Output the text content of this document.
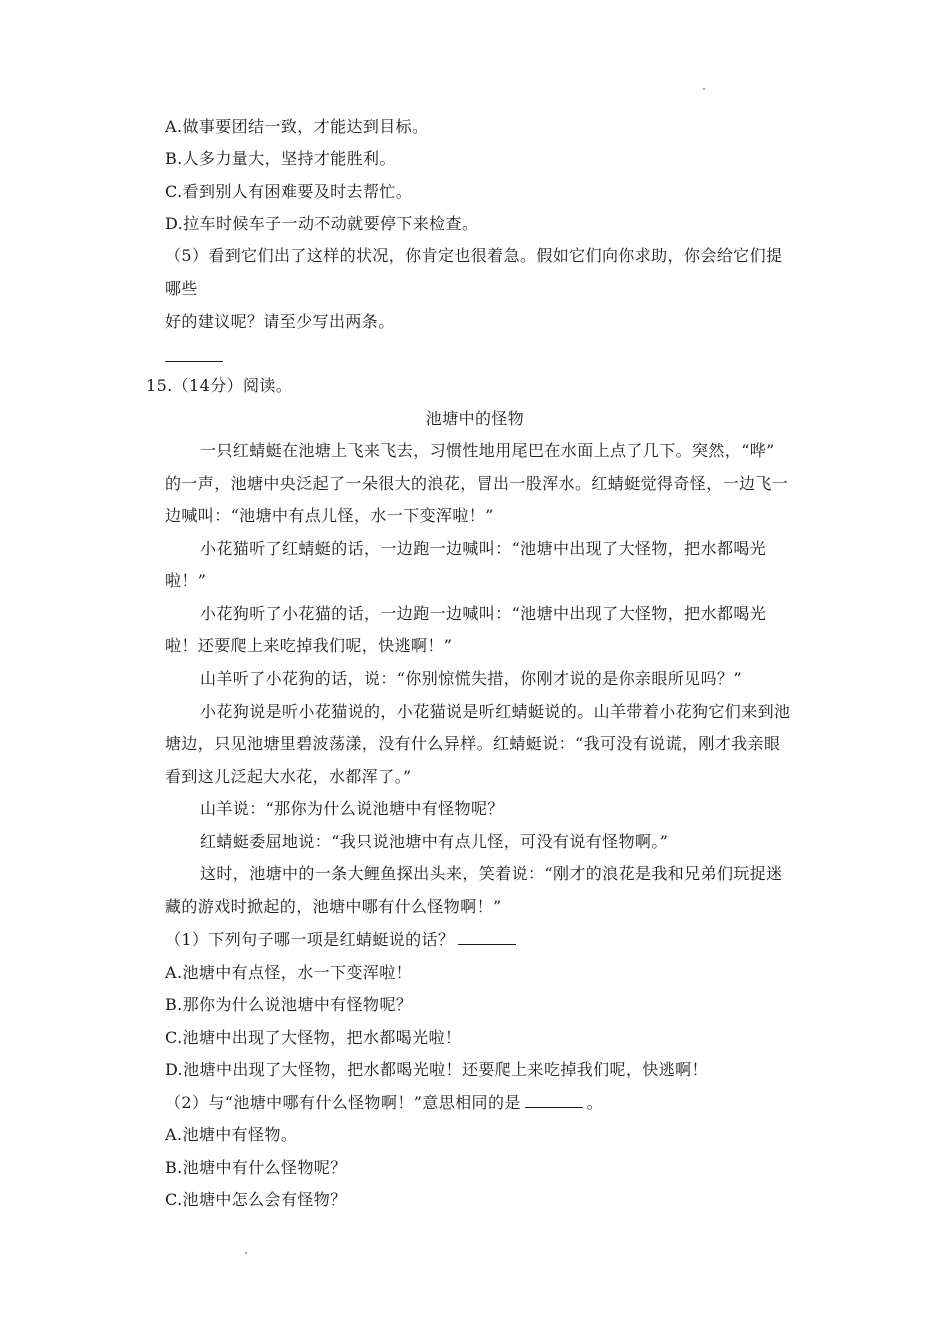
A.做事要团结一致，才能达到目标。
B.人多力量大，坚持才能胜利。
C.看到别人有困难要及时去帮忙。
D.拉车时候车子一动不动就要停下来检查。
（5）看到它们出了这样的状况，你肯定也很着急。假如它们向你求助，你会给它们提
哪些
好的建议呢？请至少写出两条。
15.（14分）阅读。
池塘中的怪物
一只红蜻蜓在池塘上飞来飞去，习惯性地用尾巴在水面上点了几下。突然，“哗”
的一声，池塘中央泛起了一朵很大的浪花，冒出一股浑水。红蜻蜓觉得奇怪，一边飞一
边喊叫：“池塘中有点儿怪，水一下变浑啦！”
小花猫听了红蜻蜓的话，一边跑一边喊叫：“池塘中出现了大怪物，把水都喝光
啦！”
小花狗听了小花猫的话，一边跑一边喊叫：“池塘中出现了大怪物，把水都喝光
啦！还要爬上来吃掉我们呢，快逃啊！”
山羊听了小花狗的话，说：“你别惊慌失措，你刚才说的是你亲眼所见吗？”
小花狗说是听小花猫说的，小花猫说是听红蜻蜓说的。山羊带着小花狗它们来到池
塘边，只见池塘里碧波荡漾，没有什么异样。红蜻蜓说：“我可没有说谎，刚才我亲眼
看到这儿泛起大水花，水都浑了。”
山羊说：“那你为什么说池塘中有怪物呢？
红蜻蜓委屈地说：“我只说池塘中有点儿怪，可没有说有怪物啊。”
这时，池塘中的一条大鲤鱼探出头来，笑着说：“刚才的浪花是我和兄弟们玩捉迷
藏的游戏时掀起的，池塘中哪有什么怪物啊！”
（1）下列句子哪一项是红蜻蜓说的话？
A.池塘中有点怪，水一下变浑啦！
B.那你为什么说池塘中有怪物呢？
C.池塘中出现了大怪物，把水都喝光啦！
D.池塘中出现了大怪物，把水都喝光啦！还要爬上来吃掉我们呢，快逃啊！
（2）与“池塘中哪有什么怪物啊！”意思相同的是	。
A.池塘中有怪物。
B.池塘中有什么怪物呢？
C.池塘中怎么会有怪物？
